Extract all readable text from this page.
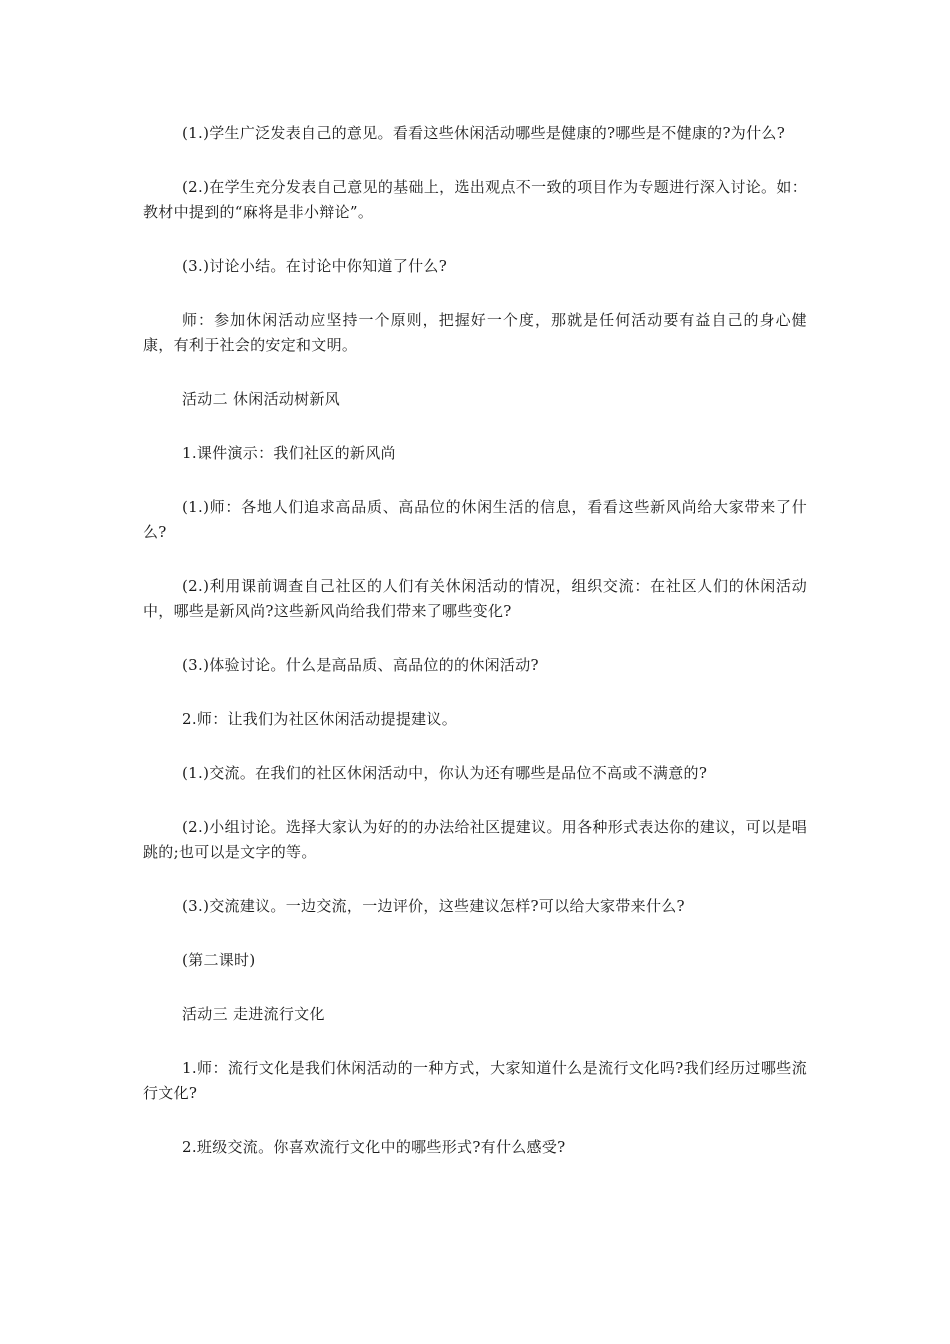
(1.)学生广泛发表自己的意见。看看这些休闲活动哪些是健康的?哪些是不健康的?为什么?

(2.)在学生充分发表自己意见的基础上，选出观点不一致的项目作为专题进行深入讨论。如：教材中提到的“麻将是非小辩论”。

(3.)讨论小结。在讨论中你知道了什么?

师：参加休闲活动应坚持一个原则，把握好一个度，那就是任何活动要有益自己的身心健康，有利于社会的安定和文明。

活动二 休闲活动树新风

1.课件演示：我们社区的新风尚

(1.)师：各地人们追求高品质、高品位的休闲生活的信息，看看这些新风尚给大家带来了什么?

(2.)利用课前调查自己社区的人们有关休闲活动的情况，组织交流：在社区人们的休闲活动中，哪些是新风尚?这些新风尚给我们带来了哪些变化?

(3.)体验讨论。什么是高品质、高品位的的休闲活动?

2.师：让我们为社区休闲活动提提建议。

(1.)交流。在我们的社区休闲活动中，你认为还有哪些是品位不高或不满意的?

(2.)小组讨论。选择大家认为好的的办法给社区提建议。用各种形式表达你的建议，可以是唱跳的;也可以是文字的等。

(3.)交流建议。一边交流，一边评价，这些建议怎样?可以给大家带来什么?

(第二课时)

活动三 走进流行文化

1.师：流行文化是我们休闲活动的一种方式，大家知道什么是流行文化吗?我们经历过哪些流行文化?

2.班级交流。你喜欢流行文化中的哪些形式?有什么感受?
